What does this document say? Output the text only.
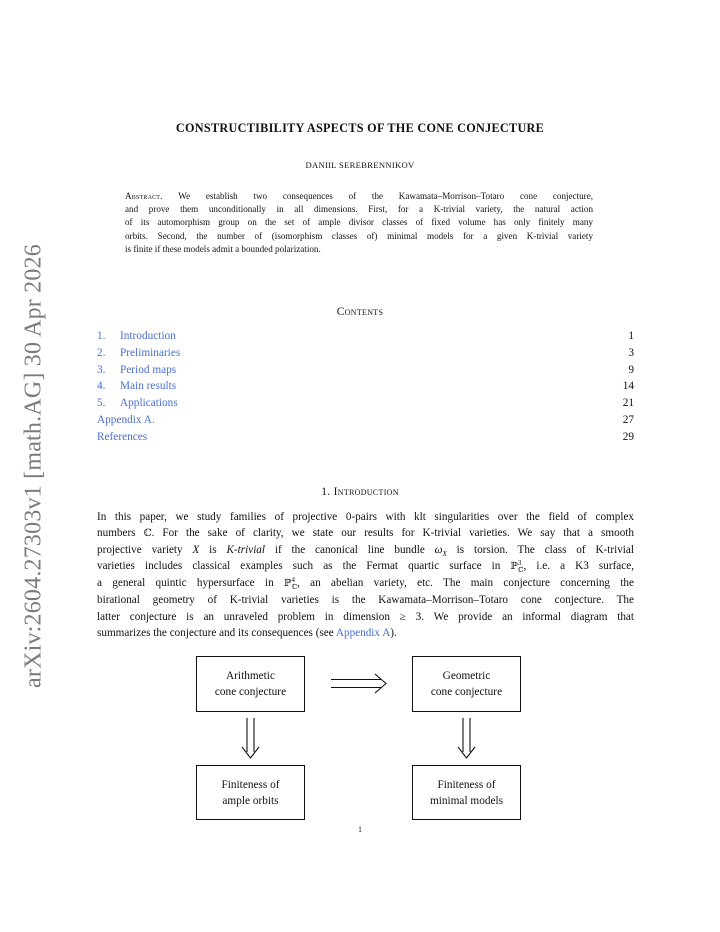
arXiv:2604.27303v1 [math.AG] 30 Apr 2026
CONSTRUCTIBILITY ASPECTS OF THE CONE CONJECTURE
DANIIL SEREBRENNIKOV
Abstract. We establish two consequences of the Kawamata–Morrison–Totaro cone conjecture,
and prove them unconditionally in all dimensions. First, for a K-trivial variety, the natural action
of its automorphism group on the set of ample divisor classes of fixed volume has only finitely many
orbits. Second, the number of (isomorphism classes of) minimal models for a given K-trivial variety
is finite if these models admit a bounded polarization.
Contents
1. Introduction	1
2. Preliminaries	3
3. Period maps	9
4. Main results	14
5. Applications	21
Appendix A.	27
References	29
1. Introduction
In this paper, we study families of projective 0-pairs with klt singularities over the field of complex
numbers ℂ. For the sake of clarity, we state our results for K-trivial varieties. We say that a smooth
projective variety X is K-trivial if the canonical line bundle $\omega_X$ is torsion. The class of K-trivial
varieties includes classical examples such as the Fermat quartic surface in ℙ 3
ℂ , i.e. a K3 surface,
a general quintic hypersurface in ℙ 4
ℂ , an abelian variety, etc. The main conjecture concerning the
birational geometry of K-trivial varieties is the Kawamata–Morrison–Totaro cone conjecture. The
latter conjecture is an unraveled problem in dimension ≥ 3. We provide an informal diagram that
summarizes the conjecture and its consequences (see Appendix A).
Arithmetic
cone conjecture
Geometric
cone conjecture
Finiteness of
ample orbits
Finiteness of
minimal models
1
